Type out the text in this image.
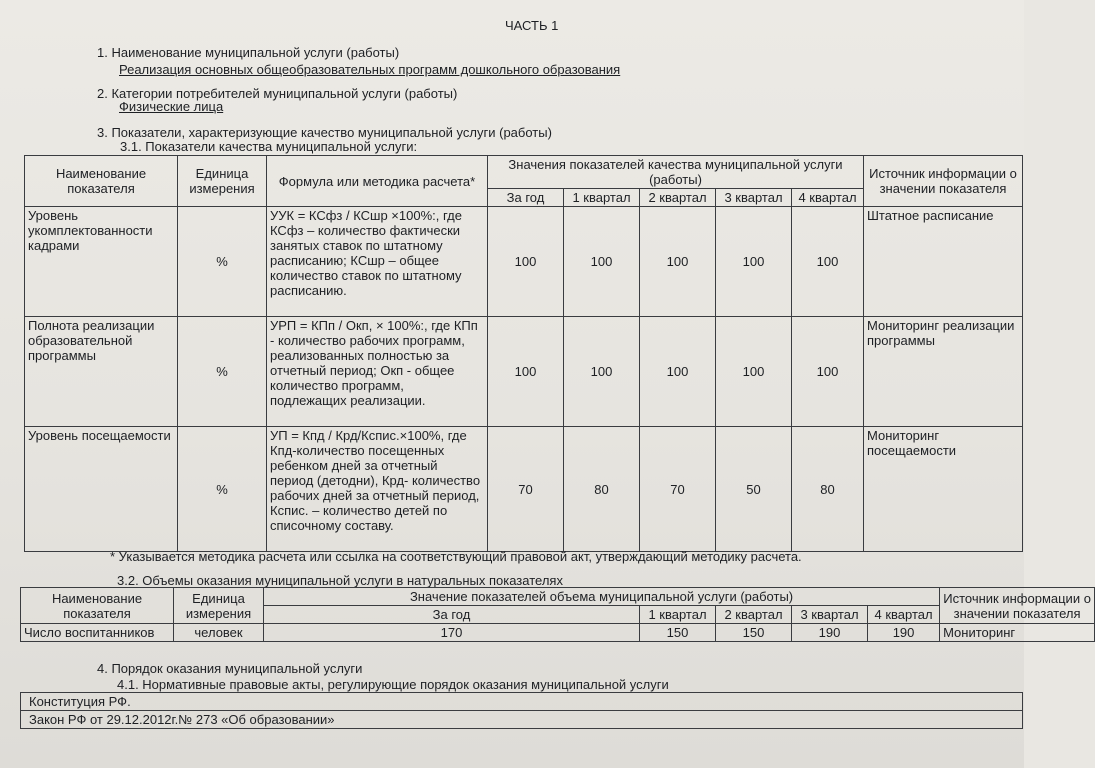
ЧАСТЬ 1
1. Наименование муниципальной услуги (работы)
Реализация основных общеобразовательных программ дошкольного образования
2. Категории потребителей муниципальной услуги (работы)
Физические лица
3. Показатели, характеризующие качество муниципальной услуги (работы)
3.1. Показатели качества муниципальной услуги:
Наименование показателя	Единица измерения	Формула или методика расчета*	Значения показателей качества муниципальной услуги (работы)					Источник информации о значении показателя
			За год	1 квартал	2 квартал	3 квартал	4 квартал	
Уровень укомплектованности кадрами	%	УУК = КСфз / КСшр ×100%:, где КСфз – количество фактически занятых ставок по штатному расписанию; КСшр – общее количество ставок по штатному расписанию.	100	100	100	100	100	Штатное расписание
Полнота реализации образовательной программы	%	УРП = КПп / Окп, × 100%:, где КПп - количество рабочих программ, реализованных полностью за отчетный период; Окп - общее количество программ, подлежащих реализации.	100	100	100	100	100	Мониторинг реализации программы
Уровень посещаемости	%	УП = Кпд / Крд/Кспис.×100%, где Кпд-количество посещенных ребенком дней за отчетный период (детодни), Крд- количество рабочих дней за отчетный период, Кспис. – количество детей по списочному составу.	70	80	70	50	80	Мониторинг посещаемости
* Указывается методика расчета или ссылка на соответствующий правовой акт, утверждающий методику расчета.
3.2. Объемы оказания муниципальной услуги в натуральных показателях
Наименование показателя	Единица измерения	Значение показателей объема муниципальной услуги (работы)					Источник информации о значении показателя
		За год	1 квартал	2 квартал	3 квартал	4 квартал	
Число воспитанников	человек	170	150	150	190	190	Мониторинг
4. Порядок оказания муниципальной услуги
4.1. Нормативные правовые акты, регулирующие порядок оказания муниципальной услуги
Конституция РФ.
Закон РФ от 29.12.2012г.№ 273 «Об образовании»
